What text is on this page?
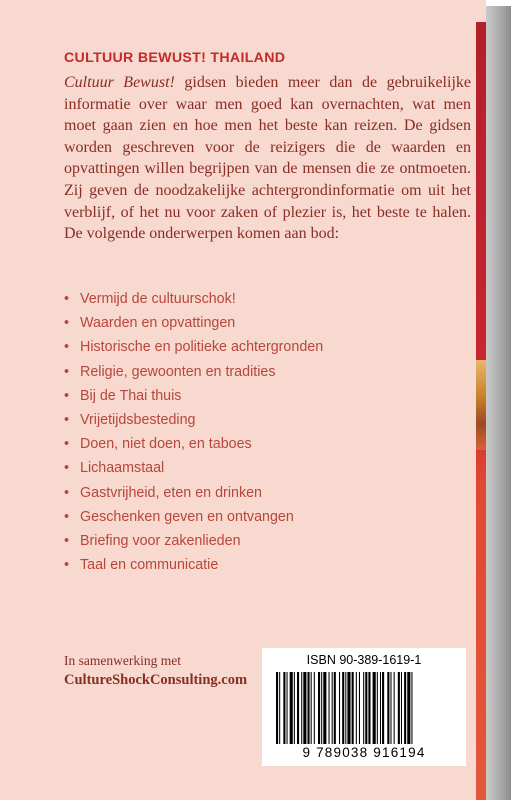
CULTUUR BEWUST! THAILAND

Cultuur Bewust! gidsen bieden meer dan de gebruikelijke informatie over waar men goed kan overnachten, wat men moet gaan zien en hoe men het beste kan reizen. De gidsen worden geschreven voor de reizigers die de waarden en opvattingen willen begrijpen van de mensen die ze ontmoeten. Zij geven de noodzakelijke achtergrondinformatie om uit het verblijf, of het nu voor zaken of plezier is, het beste te halen. De volgende onderwerpen komen aan bod:

• Vermijd de cultuurschok!
• Waarden en opvattingen
• Historische en politieke achtergronden
• Religie, gewoonten en tradities
• Bij de Thai thuis
• Vrijetijdsbesteding
• Doen, niet doen, en taboes
• Lichaamstaal
• Gastvrijheid, eten en drinken
• Geschenken geven en ontvangen
• Briefing voor zakenlieden
• Taal en communicatie
In samenwerking met
CultureShockConsulting.com
ISBN 90-389-1619-1
9 789038 916194
